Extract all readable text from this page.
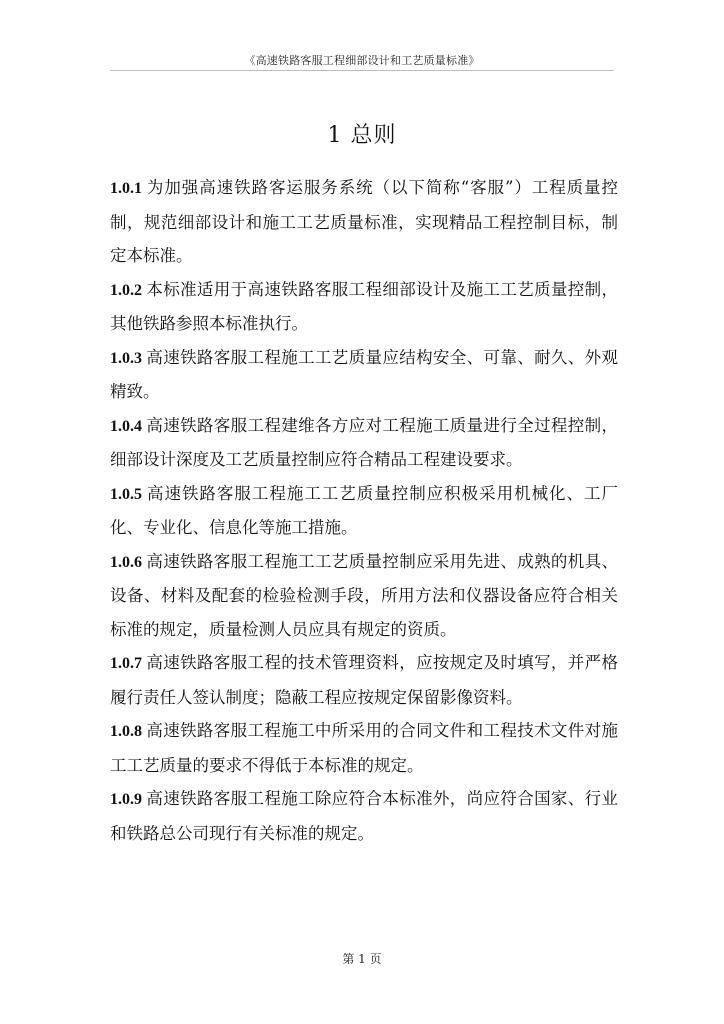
《高速铁路客服工程细部设计和工艺质量标准》
1 总则

1.0.1 为加强高速铁路客运服务系统（以下简称“客服”）工程质量控制，规范细部设计和施工工艺质量标准，实现精品工程控制目标，制定本标准。

1.0.2 本标准适用于高速铁路客服工程细部设计及施工工艺质量控制，其他铁路参照本标准执行。

1.0.3 高速铁路客服工程施工工艺质量应结构安全、可靠、耐久、外观精致。

1.0.4 高速铁路客服工程建维各方应对工程施工质量进行全过程控制，细部设计深度及工艺质量控制应符合精品工程建设要求。

1.0.5 高速铁路客服工程施工工艺质量控制应积极采用机械化、工厂化、专业化、信息化等施工措施。

1.0.6 高速铁路客服工程施工工艺质量控制应采用先进、成熟的机具、设备、材料及配套的检验检测手段，所用方法和仪器设备应符合相关标准的规定，质量检测人员应具有规定的资质。

1.0.7 高速铁路客服工程的技术管理资料，应按规定及时填写，并严格履行责任人签认制度；隐蔽工程应按规定保留影像资料。

1.0.8 高速铁路客服工程施工中所采用的合同文件和工程技术文件对施工工艺质量的要求不得低于本标准的规定。

1.0.9 高速铁路客服工程施工除应符合本标准外，尚应符合国家、行业和铁路总公司现行有关标准的规定。

第 1 页
